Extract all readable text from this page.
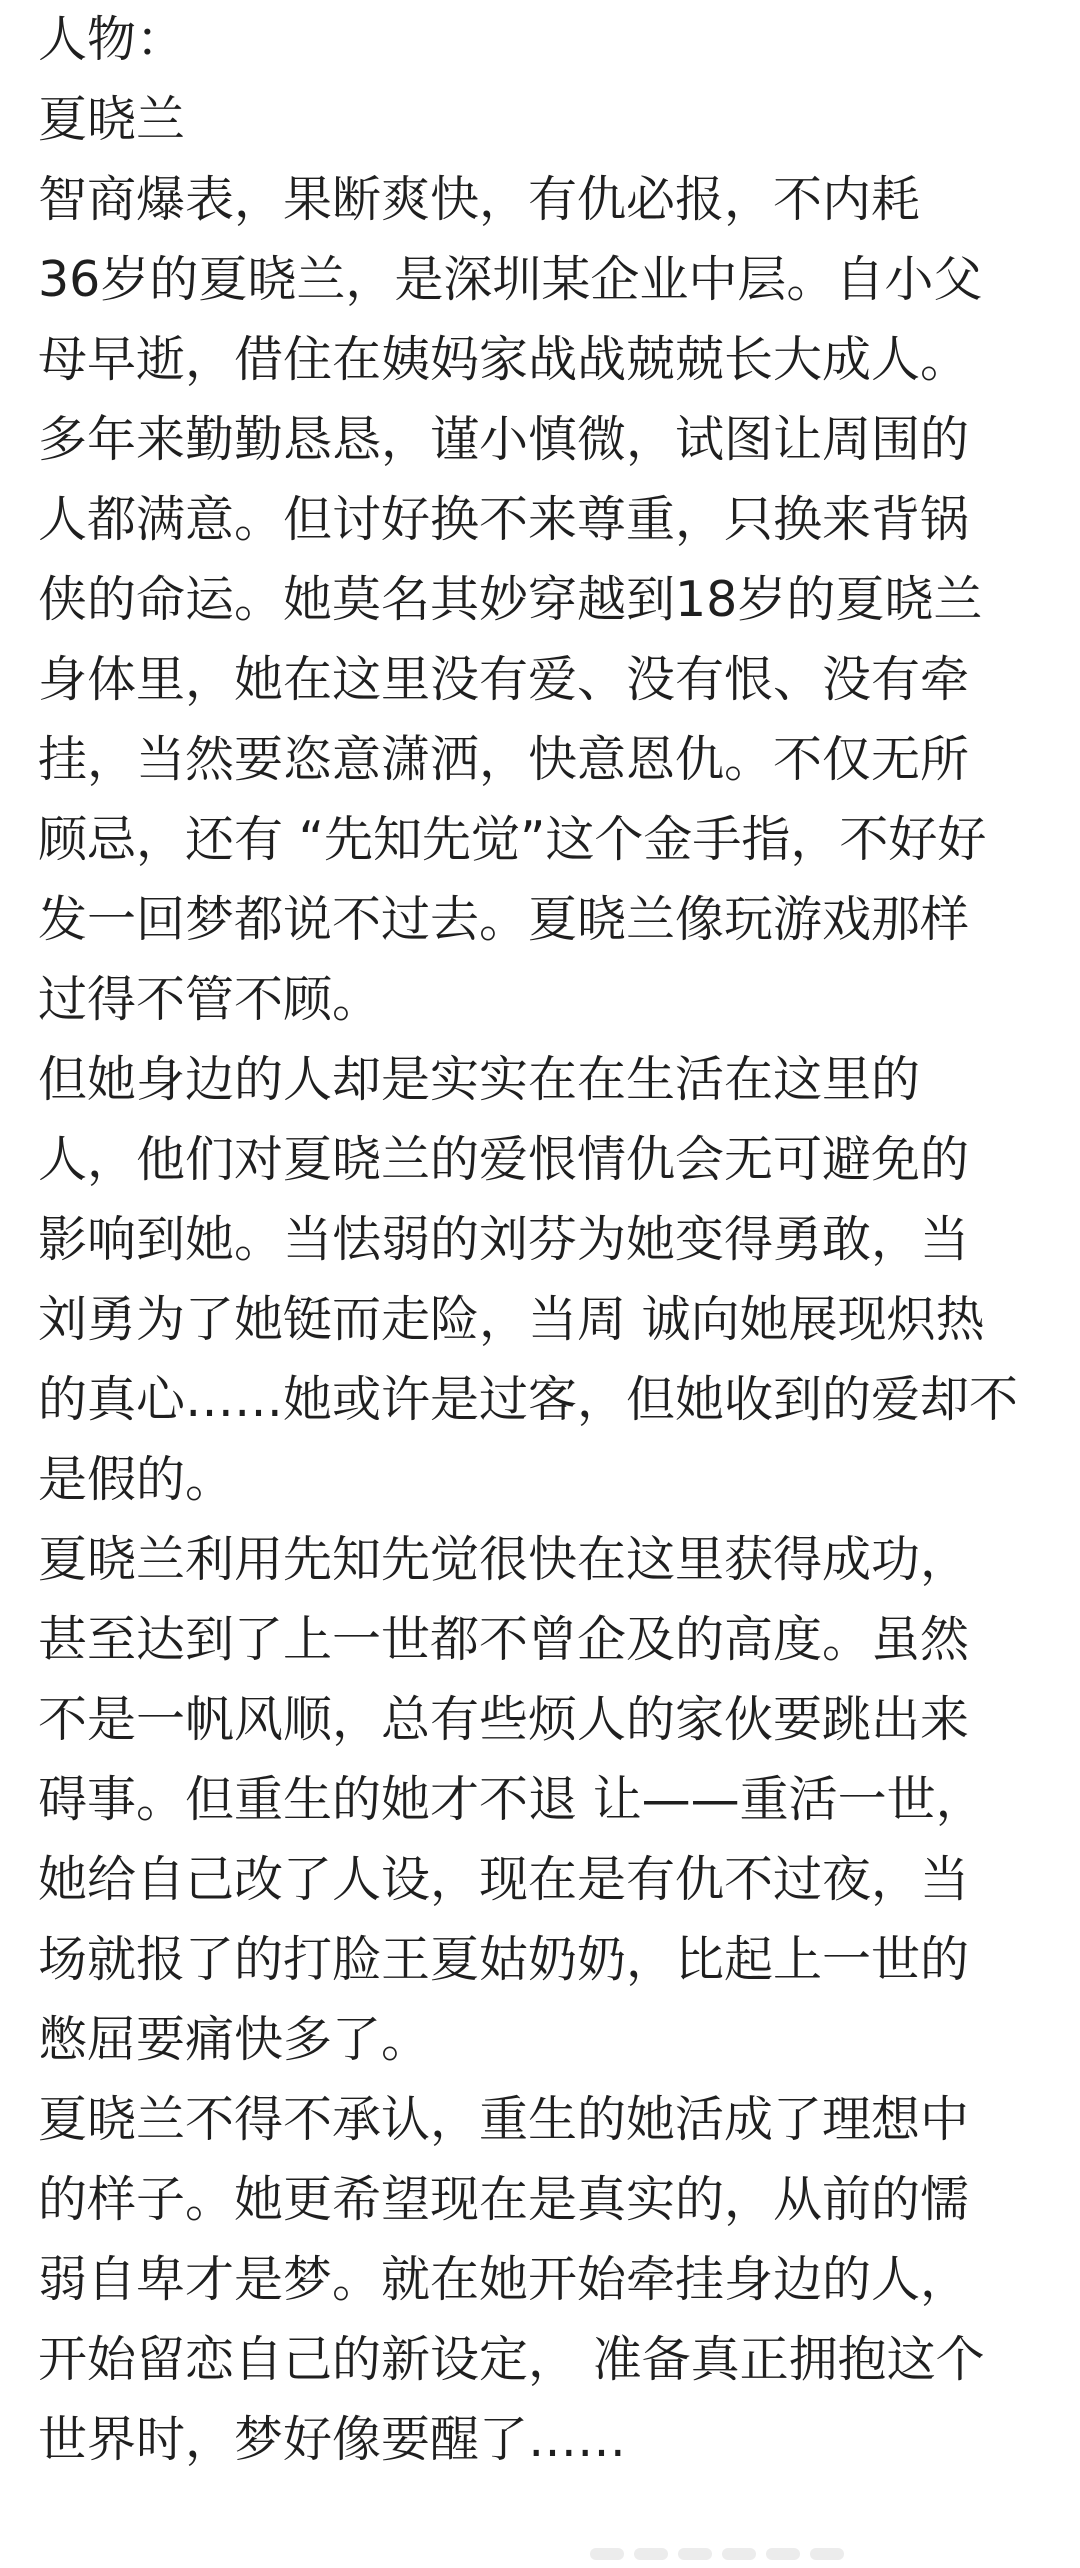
人物：
夏晓兰
智商爆表，果断爽快，有仇必报，不内耗
36岁的夏晓兰，是深圳某企业中层。自小父
母早逝，借住在姨妈家战战兢兢长大成人。
多年来勤勤恳恳，谨小慎微，试图让周围的
人都满意。但讨好换不来尊重，只换来背锅
侠的命运。她莫名其妙穿越到18岁的夏晓兰
身体里，她在这里没有爱、没有恨、没有牵
挂，当然要恣意潇洒，快意恩仇。不仅无所
顾忌，还有 “先知先觉”这个金手指，不好好
发一回梦都说不过去。夏晓兰像玩游戏那样
过得不管不顾。
但她身边的人却是实实在在生活在这里的
人，他们对夏晓兰的爱恨情仇会无可避免的
影响到她。当怯弱的刘芬为她变得勇敢，当
刘勇为了她铤而走险，当周 诚向她展现炽热
的真心……她或许是过客，但她收到的爱却不
是假的。
夏晓兰利用先知先觉很快在这里获得成功，
甚至达到了上一世都不曾企及的高度。虽然
不是一帆风顺，总有些烦人的家伙要跳出来
碍事。但重生的她才不退 让——重活一世，
她给自己改了人设，现在是有仇不过夜，当
场就报了的打脸王夏姑奶奶，比起上一世的
憋屈要痛快多了。
夏晓兰不得不承认，重生的她活成了理想中
的样子。她更希望现在是真实的，从前的懦
弱自卑才是梦。就在她开始牵挂身边的人，
开始留恋自己的新设定， 准备真正拥抱这个
世界时，梦好像要醒了……
